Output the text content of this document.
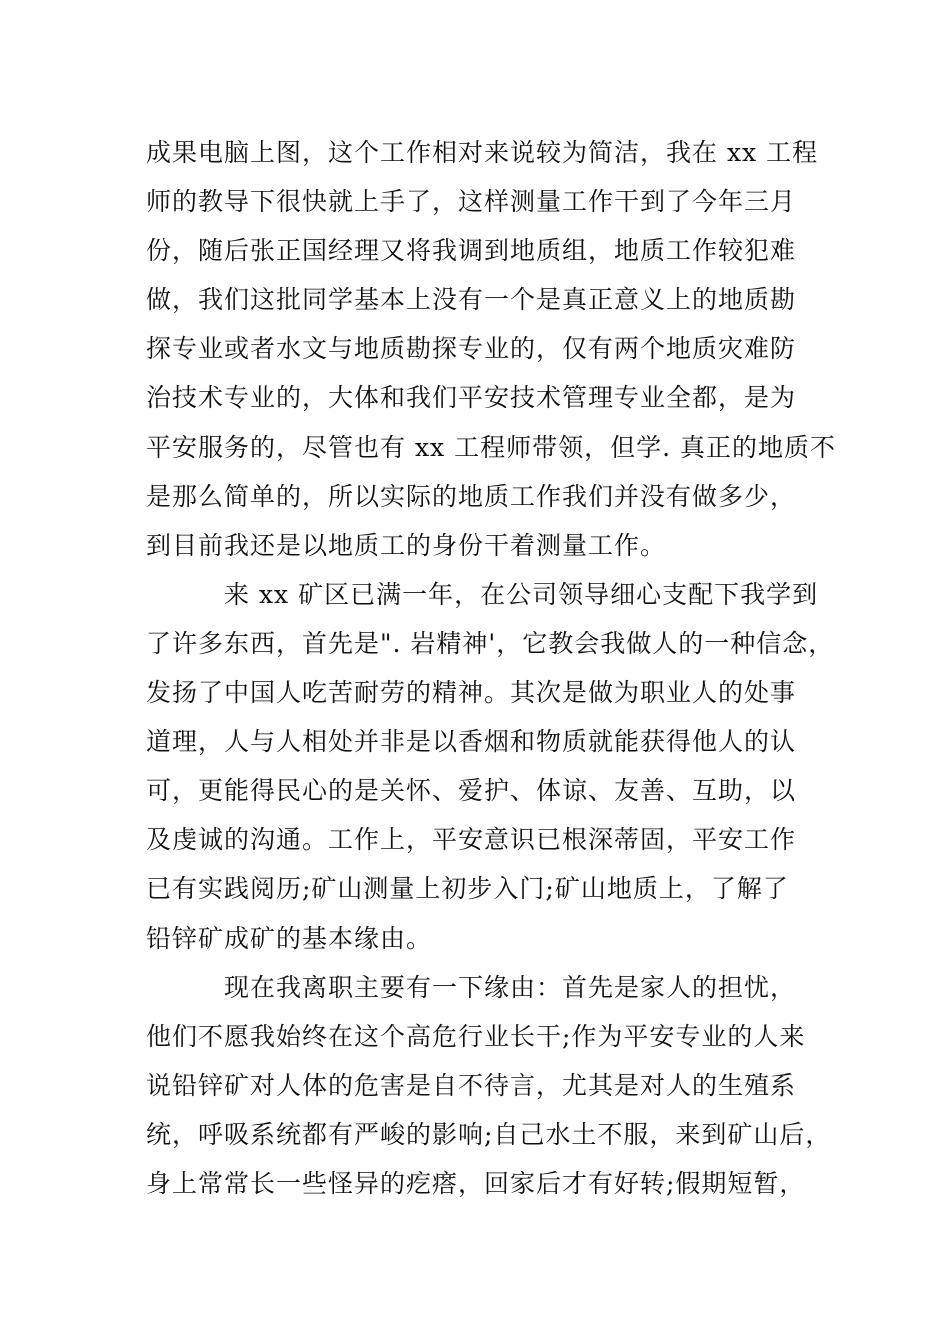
成果电脑上图，这个工作相对来说较为简洁，我在 xx 工程
师的教导下很快就上手了，这样测量工作干到了今年三月
份，随后张正国经理又将我调到地质组，地质工作较犯难
做，我们这批同学基本上没有一个是真正意义上的地质勘
探专业或者水文与地质勘探专业的，仅有两个地质灾难防
治技术专业的，大体和我们平安技术管理专业全都，是为
平安服务的，尽管也有 xx 工程师带领，但学. 真正的地质不
是那么简单的，所以实际的地质工作我们并没有做多少，
到目前我还是以地质工的身份干着测量工作。
　　　来 xx 矿区已满一年，在公司领导细心支配下我学到
了许多东西，首先是". 岩精神'，它教会我做人的一种信念，
发扬了中国人吃苦耐劳的精神。其次是做为职业人的处事
道理，人与人相处并非是以香烟和物质就能获得他人的认
可，更能得民心的是关怀、爱护、体谅、友善、互助，以
及虔诚的沟通。工作上，平安意识已根深蒂固，平安工作
已有实践阅历;矿山测量上初步入门;矿山地质上，了解了
铅锌矿成矿的基本缘由。
　　　现在我离职主要有一下缘由：首先是家人的担忧，
他们不愿我始终在这个高危行业长干;作为平安专业的人来
说铅锌矿对人体的危害是自不待言，尤其是对人的生殖系
统，呼吸系统都有严峻的影响;自己水土不服，来到矿山后，
身上常常长一些怪异的疙瘩，回家后才有好转;假期短暂，
